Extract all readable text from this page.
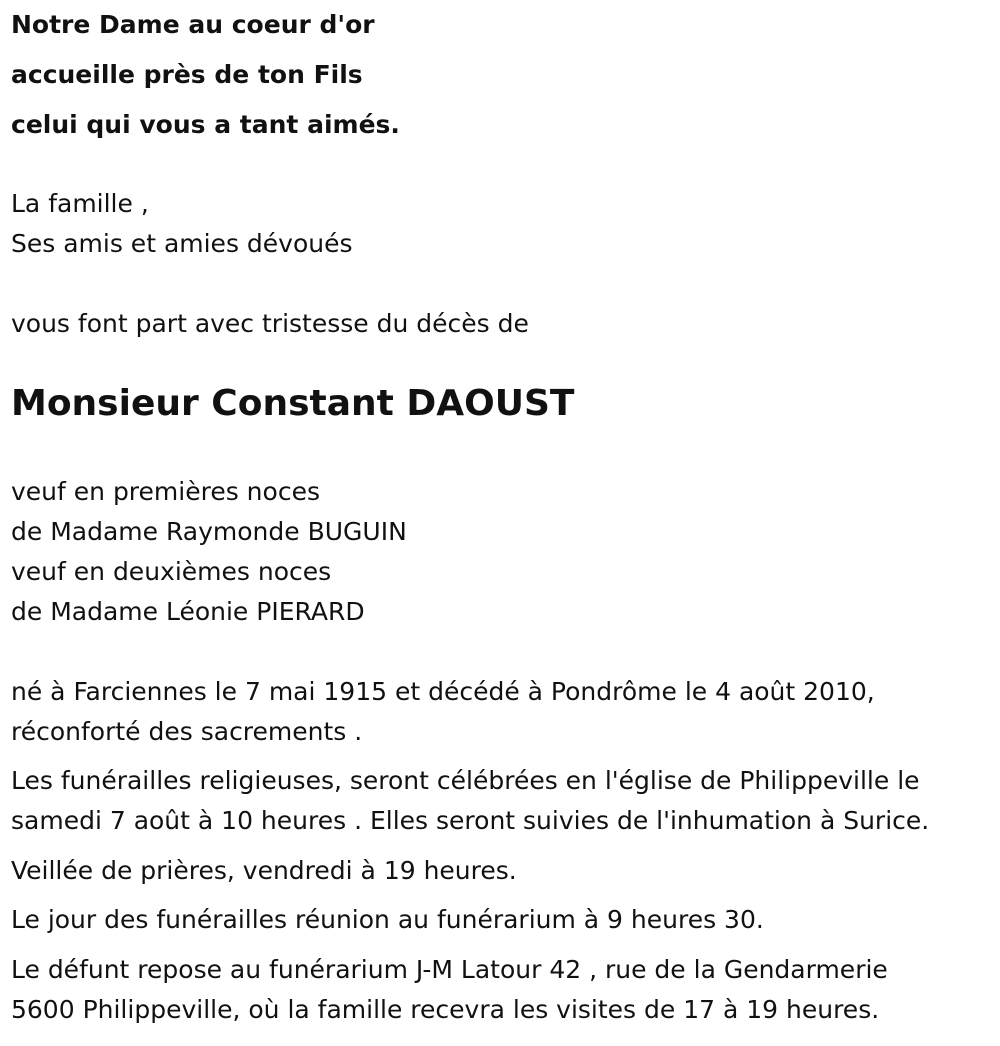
Notre Dame au coeur d'or
accueille près de ton Fils
celui qui vous a tant aimés.
La famille ,
Ses amis et amies dévoués
vous font part avec tristesse du décès de
Monsieur Constant DAOUST
veuf en premières noces
de Madame Raymonde BUGUIN
veuf en deuxièmes noces
de Madame Léonie PIERARD
né à Farciennes le 7 mai 1915 et décédé à Pondrôme le 4 août 2010,
réconforté des sacrements .
Les funérailles religieuses, seront célébrées en l'église de Philippeville le
samedi 7 août à 10 heures . Elles seront suivies de l'inhumation à Surice.
Veillée de prières, vendredi à 19 heures.
Le jour des funérailles réunion au funérarium à 9 heures 30.
Le défunt repose au funérarium J-M Latour 42 , rue de la Gendarmerie
5600 Philippeville, où la famille recevra les visites de 17 à 19 heures.
